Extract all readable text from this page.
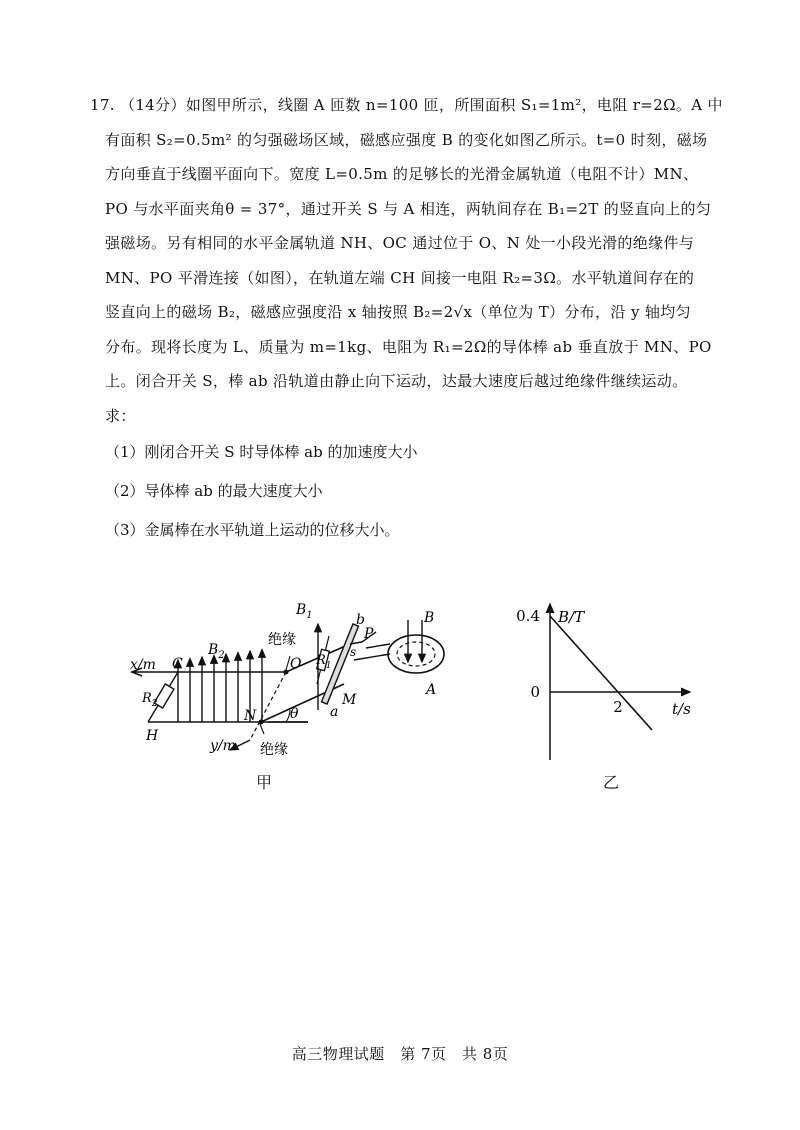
17. （14分）如图甲所示，线圈 A 匝数 n=100 匝，所围面积 S₁=1m²，电阻 r=2Ω。A 中
有面积 S₂=0.5m² 的匀强磁场区域，磁感应强度 B 的变化如图乙所示。t=0 时刻，磁场
方向垂直于线圈平面向下。宽度 L=0.5m 的足够长的光滑金属轨道（电阻不计）MN、
PO 与水平面夹角θ = 37°，通过开关 S 与 A 相连，两轨间存在 B₁=2T 的竖直向上的匀
强磁场。另有相同的水平金属轨道 NH、OC 通过位于 O、N 处一小段光滑的绝缘件与
MN、PO 平滑连接（如图），在轨道左端 CH 间接一电阻 R₂=3Ω。水平轨道间存在的
竖直向上的磁场 B₂，磁感应强度沿 x 轴按照 B₂=2√x（单位为 T）分布，沿 y 轴均匀
分布。现将长度为 L、质量为 m=1kg、电阻为 R₁=2Ω的导体棒 ab 垂直放于 MN、PO
上。闭合开关 S，棒 ab 沿轨道由静止向下运动，达最大速度后越过绝缘件继续运动。
求：
（1）刚闭合开关 S 时导体棒 ab 的加速度大小
（2）导体棒 ab 的最大速度大小
（3）金属棒在水平轨道上运动的位移大小。
x/m C
H
O
N
y/m
M
a
b
P
s
A
B
$B_1$
$B_2$	$R_1$
$R_2$
θ
绝缘
绝缘
甲
0.4
0
2
B/T
t/s
乙
高三物理试题　第 7页　共 8页
